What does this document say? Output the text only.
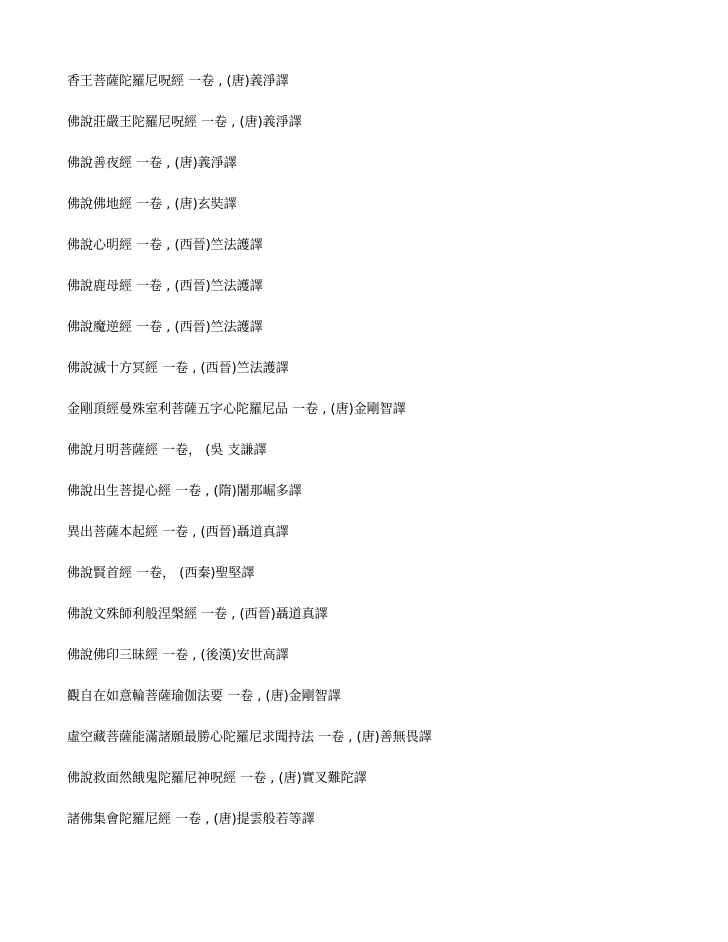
香王菩薩陀羅尼呪經 一卷 , (唐)義淨譯
佛說莊嚴王陀羅尼呪經 一卷 , (唐)義淨譯
佛說善夜經 一卷 , (唐)義淨譯
佛說佛地經 一卷 , (唐)玄奘譯
佛說心明經 一卷 , (西晉)竺法護譯
佛說鹿母經 一卷 , (西晉)竺法護譯
佛說魔逆經 一卷 , (西晉)竺法護譯
佛說滅十方冥經 一卷 , (西晉)竺法護譯
金剛頂經曼殊室利菩薩五字心陀羅尼品 一卷 , (唐)金剛智譯
佛說月明菩薩經 一卷， (吳 支謙譯
佛說出生菩提心經 一卷 , (隋)闍那崛多譯
異出菩薩本起經 一卷 , (西晉)聶道真譯
佛說賢首經 一卷， (西秦)聖堅譯
佛說文殊師利般涅槃經 一卷 , (西晉)聶道真譯
佛說佛印三昧經 一卷 , (後漢)安世高譯
觀自在如意輪菩薩瑜伽法要 一卷 , (唐)金剛智譯
虛空藏菩薩能滿諸願最勝心陀羅尼求聞持法 一卷 , (唐)善無畏譯
佛說救面然餓鬼陀羅尼神呪經 一卷 , (唐)實叉難陀譯
諸佛集會陀羅尼經 一卷 , (唐)提雲般若等譯
